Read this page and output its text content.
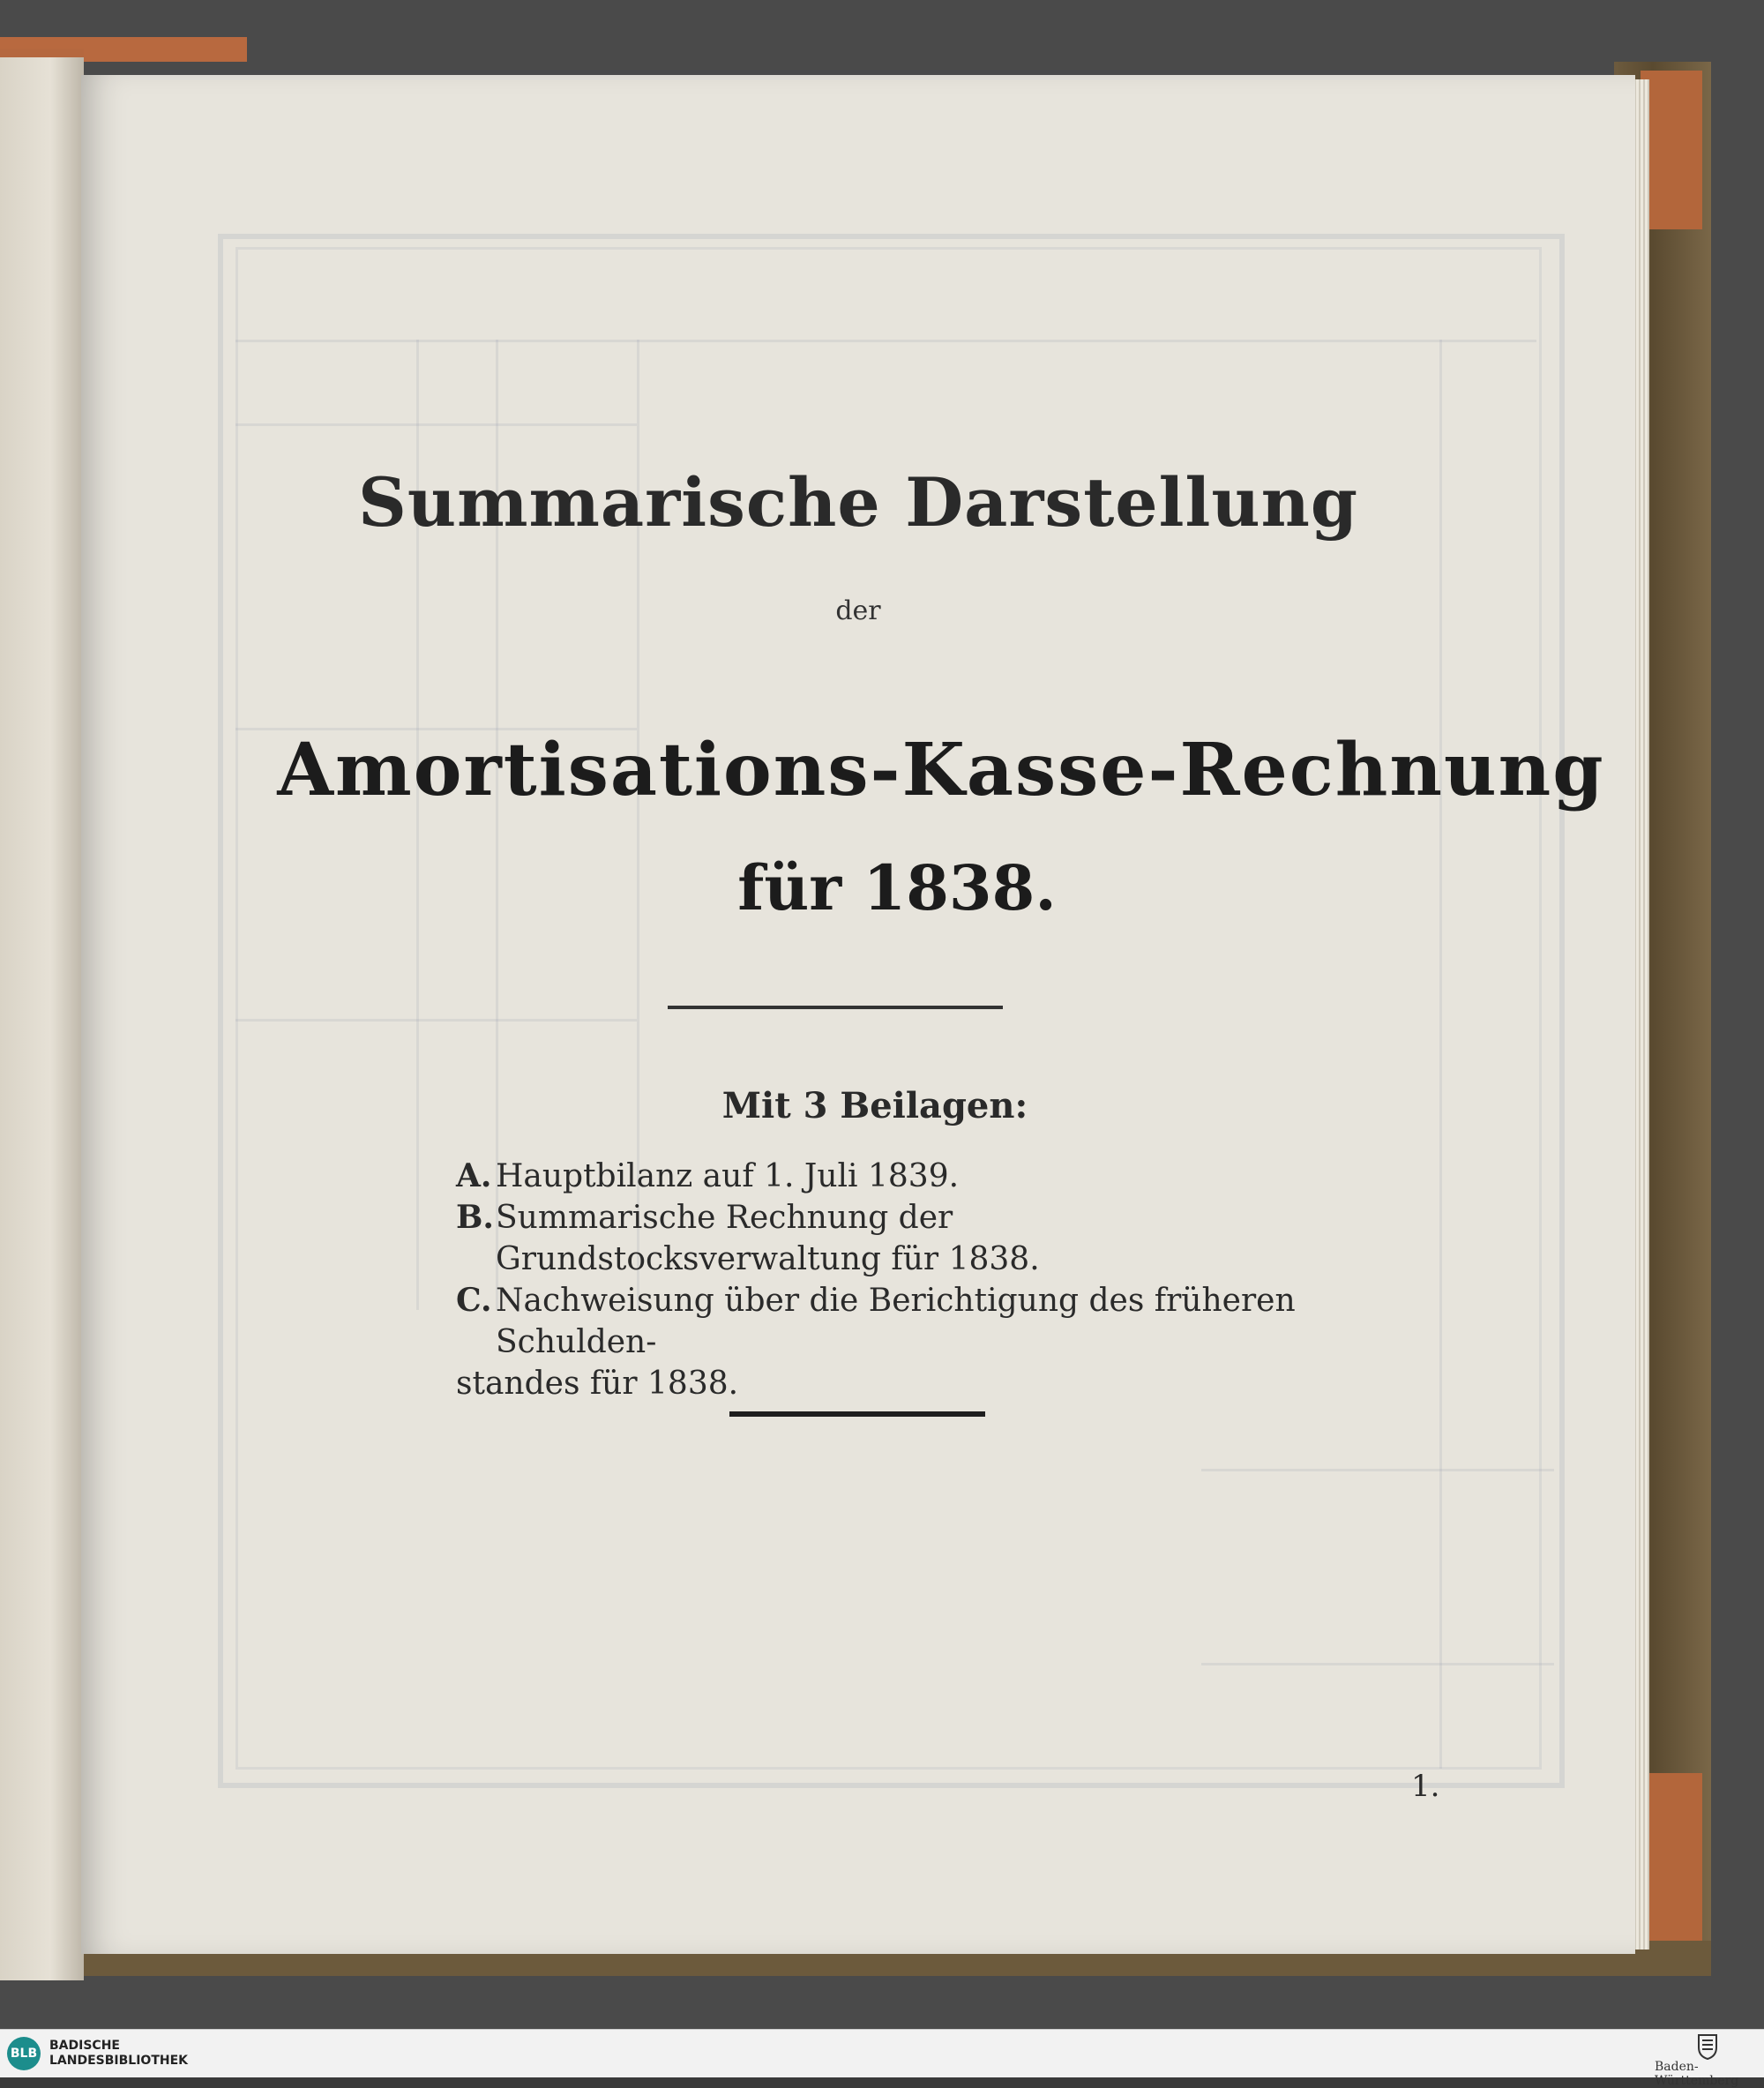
Summarische Darstellung
der
Amortisations-Kasse-Rechnung
für 1838.
Mit 3 Beilagen:
A. Hauptbilanz auf 1. Juli 1839.
B. Summarische Rechnung der Grundstocksverwaltung für 1838.
C. Nachweisung über die Berichtigung des früheren Schulden-
standes für 1838.
1.
BLB
BADISCHE
LANDESBIBLIOTHEK	Baden-Württemberg
